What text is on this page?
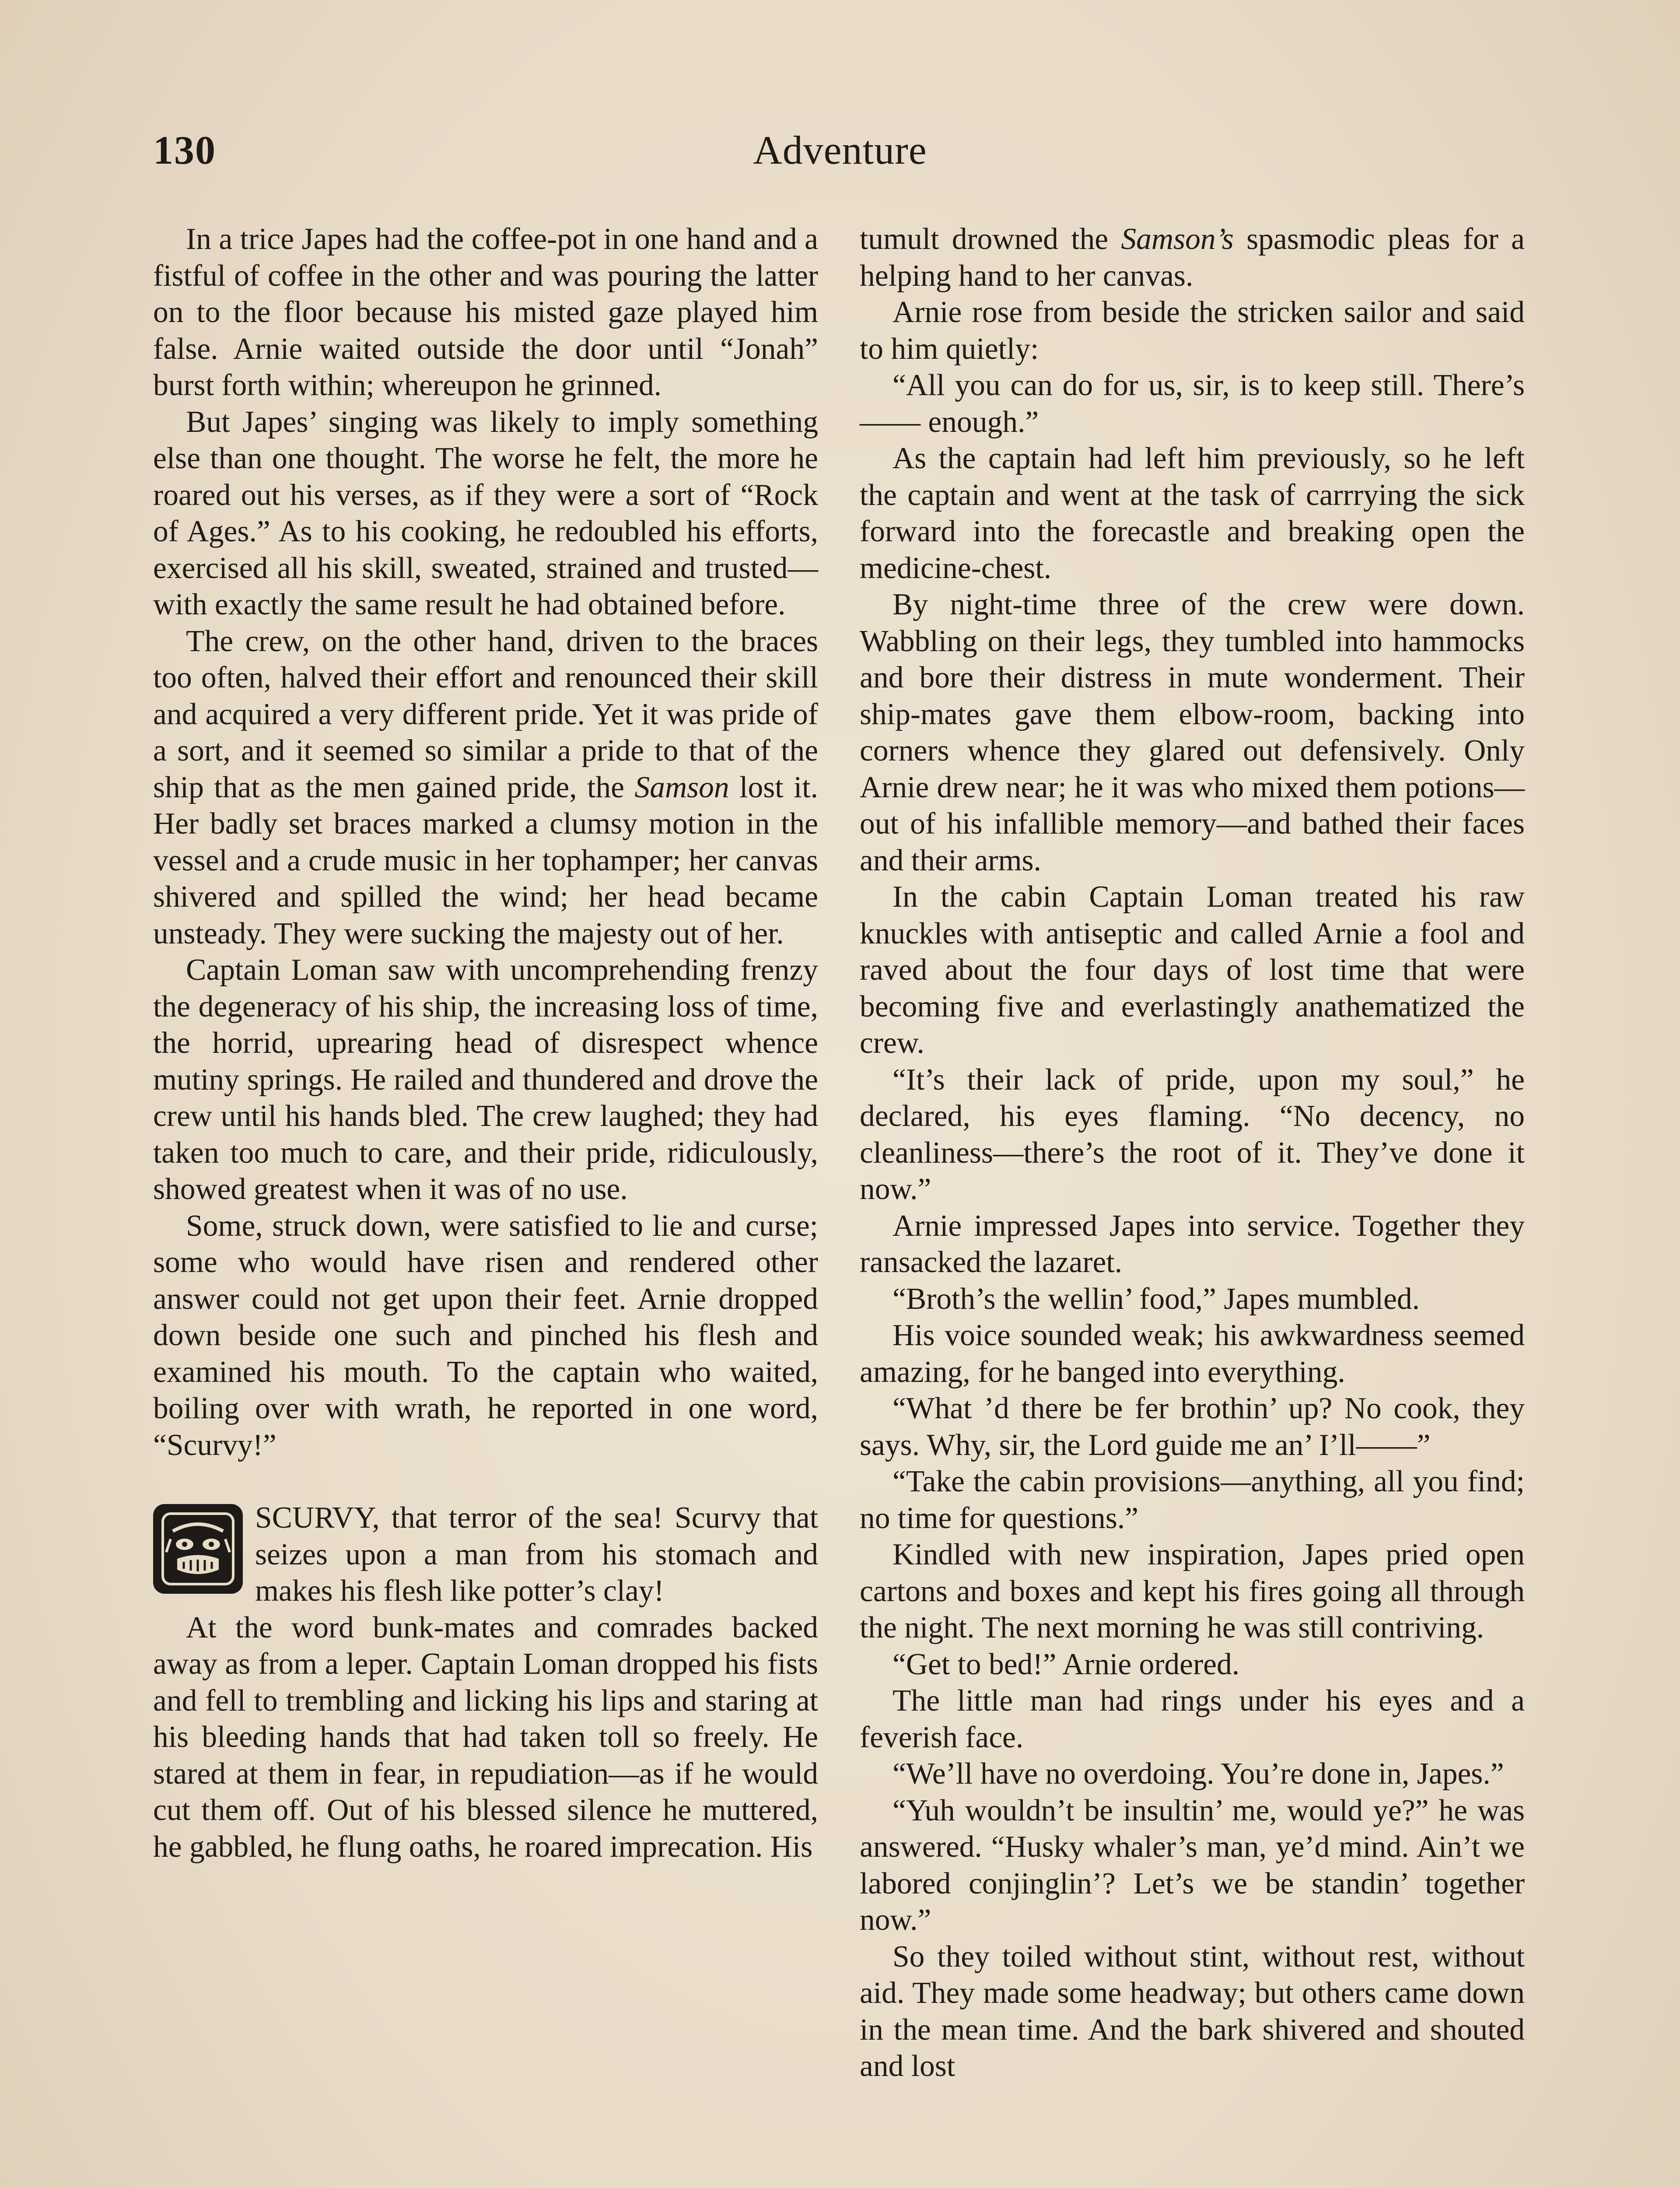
130	Adventure

In a trice Japes had the coffee-pot in one hand and a fistful of coffee in the other and was pouring the latter on to the floor because his misted gaze played him false. Arnie waited outside the door until “Jonah” burst forth within; whereupon he grinned.

But Japes’ singing was likely to imply something else than one thought. The worse he felt, the more he roared out his verses, as if they were a sort of “Rock of Ages.” As to his cooking, he redoubled his efforts, exercised all his skill, sweated, strained and trusted—with exactly the same result he had obtained before.

The crew, on the other hand, driven to the braces too often, halved their effort and renounced their skill and acquired a very different pride. Yet it was pride of a sort, and it seemed so similar a pride to that of the ship that as the men gained pride, the Samson lost it. Her badly set braces marked a clumsy motion in the vessel and a crude music in her tophamper; her canvas shivered and spilled the wind; her head became unsteady. They were sucking the majesty out of her.

Captain Loman saw with uncomprehending frenzy the degeneracy of his ship, the increasing loss of time, the horrid, uprearing head of disrespect whence mutiny springs. He railed and thundered and drove the crew until his hands bled. The crew laughed; they had taken too much to care, and their pride, ridiculously, showed greatest when it was of no use.

Some, struck down, were satisfied to lie and curse; some who would have risen and rendered other answer could not get upon their feet. Arnie dropped down beside one such and pinched his flesh and examined his mouth. To the captain who waited, boiling over with wrath, he reported in one word, “Scurvy!”

SCURVY, that terror of the sea! Scurvy that seizes upon a man from his stomach and makes his flesh like potter’s clay!

At the word bunk-mates and comrades backed away as from a leper. Captain Loman dropped his fists and fell to trembling and licking his lips and staring at his bleeding hands that had taken toll so freely. He stared at them in fear, in repudiation—as if he would cut them off. Out of his blessed silence he muttered, he gabbled, he flung oaths, he roared imprecation. His

tumult drowned the Samson’s spasmodic pleas for a helping hand to her canvas.

Arnie rose from beside the stricken sailor and said to him quietly:

“All you can do for us, sir, is to keep still. There’s —— enough.”

As the captain had left him previously, so he left the captain and went at the task of carrrying the sick forward into the forecastle and breaking open the medicine-chest.

By night-time three of the crew were down. Wabbling on their legs, they tumbled into hammocks and bore their distress in mute wonderment. Their ship-mates gave them elbow-room, backing into corners whence they glared out defensively. Only Arnie drew near; he it was who mixed them potions—out of his infallible memory—and bathed their faces and their arms.

In the cabin Captain Loman treated his raw knuckles with antiseptic and called Arnie a fool and raved about the four days of lost time that were becoming five and everlastingly anathematized the crew.

“It’s their lack of pride, upon my soul,” he declared, his eyes flaming. “No decency, no cleanliness—there’s the root of it. They’ve done it now.”

Arnie impressed Japes into service. Together they ransacked the lazaret.

“Broth’s the wellin’ food,” Japes mumbled.

His voice sounded weak; his awkwardness seemed amazing, for he banged into everything.

“What ’d there be fer brothin’ up? No cook, they says. Why, sir, the Lord guide me an’ I’ll——”

“Take the cabin provisions—anything, all you find; no time for questions.”

Kindled with new inspiration, Japes pried open cartons and boxes and kept his fires going all through the night. The next morning he was still contriving.

“Get to bed!” Arnie ordered.

The little man had rings under his eyes and a feverish face.

“We’ll have no overdoing. You’re done in, Japes.”

“Yuh wouldn’t be insultin’ me, would ye?” he was answered. “Husky whaler’s man, ye’d mind. Ain’t we labored conjinglin’? Let’s we be standin’ together now.”

So they toiled without stint, without rest, without aid. They made some headway; but others came down in the mean time. And the bark shivered and shouted and lost
